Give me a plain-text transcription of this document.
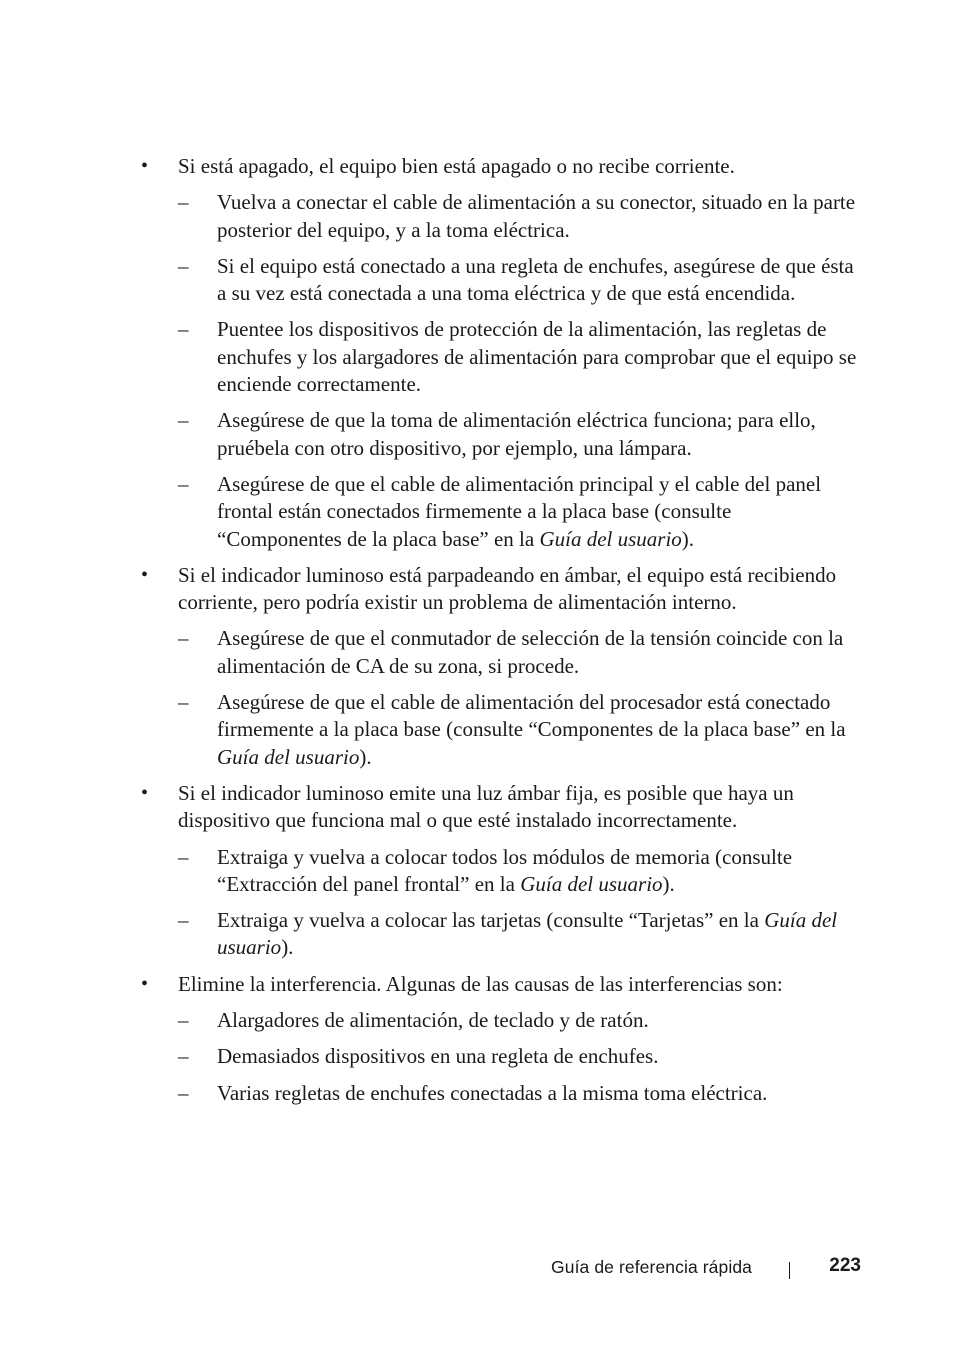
• Si está apagado, el equipo bien está apagado o no recibe corriente.
– Vuelva a conectar el cable de alimentación a su conector, situado en la parte posterior del equipo, y a la toma eléctrica.
– Si el equipo está conectado a una regleta de enchufes, asegúrese de que ésta a su vez está conectada a una toma eléctrica y de que está encendida.
– Puentee los dispositivos de protección de la alimentación, las regletas de enchufes y los alargadores de alimentación para comprobar que el equipo se enciende correctamente.
– Asegúrese de que la toma de alimentación eléctrica funciona; para ello, pruébela con otro dispositivo, por ejemplo, una lámpara.
– Asegúrese de que el cable de alimentación principal y el cable del panel frontal están conectados firmemente a la placa base (consulte “Componentes de la placa base” en la Guía del usuario).
• Si el indicador luminoso está parpadeando en ámbar, el equipo está recibiendo corriente, pero podría existir un problema de alimentación interno.
– Asegúrese de que el conmutador de selección de la tensión coincide con la alimentación de CA de su zona, si procede.
– Asegúrese de que el cable de alimentación del procesador está conectado firmemente a la placa base (consulte “Componentes de la placa base” en la Guía del usuario).
• Si el indicador luminoso emite una luz ámbar fija, es posible que haya un dispositivo que funciona mal o que esté instalado incorrectamente.
– Extraiga y vuelva a colocar todos los módulos de memoria (consulte “Extracción del panel frontal” en la Guía del usuario).
– Extraiga y vuelva a colocar las tarjetas (consulte “Tarjetas” en la Guía del usuario).
• Elimine la interferencia. Algunas de las causas de las interferencias son:
– Alargadores de alimentación, de teclado y de ratón.
– Demasiados dispositivos en una regleta de enchufes.
– Varias regletas de enchufes conectadas a la misma toma eléctrica.
Guía de referencia rápida	223
